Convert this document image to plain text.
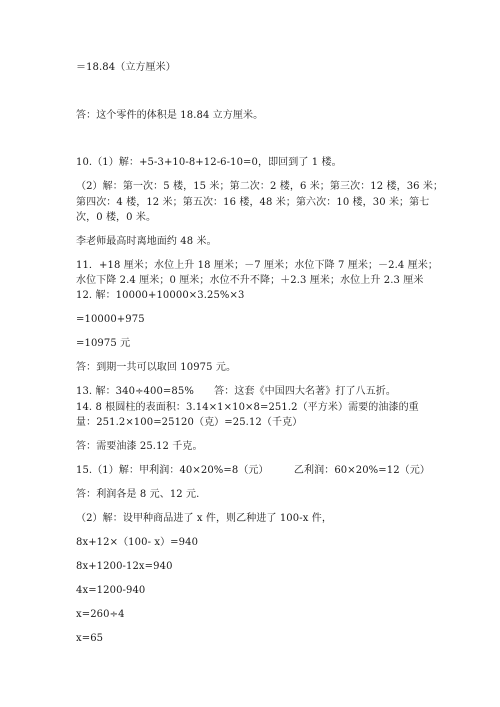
＝18.84（立方厘米）
答：这个零件的体积是 18.84 立方厘米。
10.（1）解：+5-3+10-8+12-6-10=0，即回到了 1 楼。
（2）解：第一次：5 楼，15 米；第二次：2 楼，6 米；第三次：12 楼，36 米；
第四次：4 楼，12 米；第五次：16 楼，48 米；第六次：10 楼，30 米；第七
次，0 楼，0 米。
李老师最高时离地面约 48 米。
11．+18 厘米；水位上升 18 厘米；－7 厘米；水位下降 7 厘米；－2.4 厘米；
水位下降 2.4 厘米；0 厘米；水位不升不降；＋2.3 厘米；水位上升 2.3 厘米
12. 解：10000+10000×3.25%×3
=10000+975
=10975 元
答：到期一共可以取回 10975 元。
13. 解：340÷400=85%　　答：这套《中国四大名著》打了八五折。
14. 8 根圆柱的表面积：3.14×1×10×8=251.2（平方米）需要的油漆的重
量：251.2×100=25120（克）=25.12（千克）
答：需要油漆 25.12 千克。
15.（1）解：甲利润：40×20%=8（元）　　　乙利润：60×20%=12（元）
答：利润各是 8 元、12 元.
（2）解：设甲种商品进了 x 件，则乙种进了 100-x 件，
8x+12×（100- x）=940
8x+1200-12x=940
4x=1200-940
x=260÷4
x=65
